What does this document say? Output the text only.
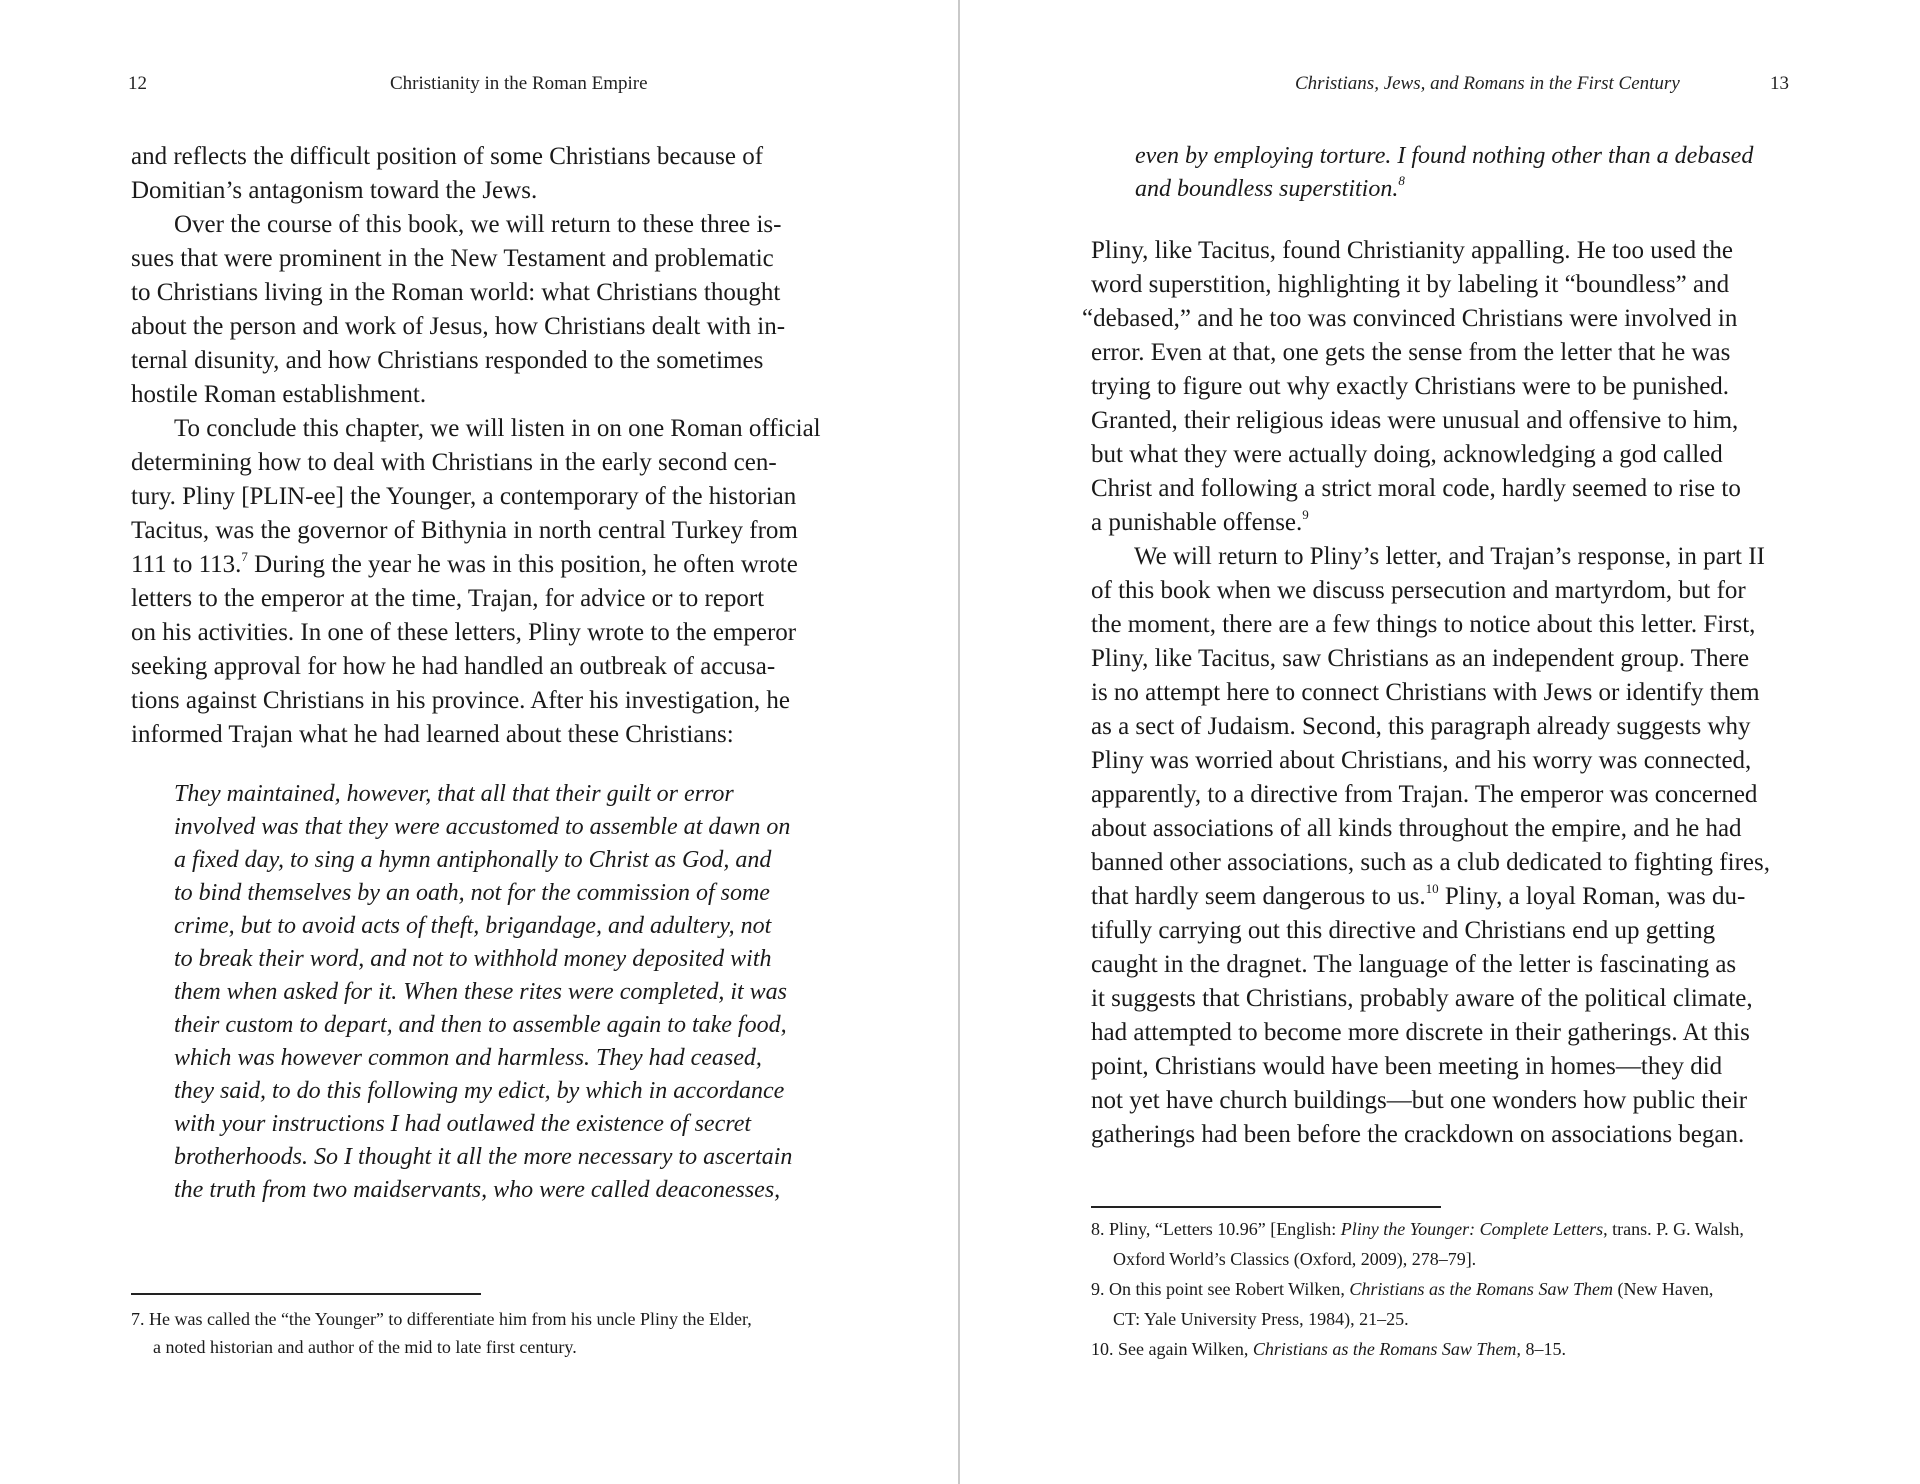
12	Christianity in the Roman Empire
and reflects the difficult position of some Christians because of
Domitian’s antagonism toward the Jews.
Over the course of this book, we will return to these three is-
sues that were prominent in the New Testament and problematic
to Christians living in the Roman world: what Christians thought
about the person and work of Jesus, how Christians dealt with in-
ternal disunity, and how Christians responded to the sometimes
hostile Roman establishment.
To conclude this chapter, we will listen in on one Roman official
determining how to deal with Christians in the early second cen-
tury. Pliny [PLIN-ee] the Younger, a contemporary of the historian
Tacitus, was the governor of Bithynia in north central Turkey from
111 to 113.$^7$ During the year he was in this position, he often wrote
letters to the emperor at the time, Trajan, for advice or to report
on his activities. In one of these letters, Pliny wrote to the emperor
seeking approval for how he had handled an outbreak of accusa-
tions against Christians in his province. After his investigation, he
informed Trajan what he had learned about these Christians:
They maintained, however, that all that their guilt or error
involved was that they were accustomed to assemble at dawn on
a fixed day, to sing a hymn antiphonally to Christ as God, and
to bind themselves by an oath, not for the commission of some
crime, but to avoid acts of theft, brigandage, and adultery, not
to break their word, and not to withhold money deposited with
them when asked for it. When these rites were completed, it was
their custom to depart, and then to assemble again to take food,
which was however common and harmless. They had ceased,
they said, to do this following my edict, by which in accordance
with your instructions I had outlawed the existence of secret
brotherhoods. So I thought it all the more necessary to ascertain
the truth from two maidservants, who were called deaconesses,
7. He was called the “the Younger” to differentiate him from his uncle Pliny the Elder,
a noted historian and author of the mid to late first century.
Christians, Jews, and Romans in the First Century	13
even by employing torture. I found nothing other than a debased
and boundless superstition.$^8$
Pliny, like Tacitus, found Christianity appalling. He too used the
word superstition, highlighting it by labeling it “boundless” and
“debased,” and he too was convinced Christians were involved in
error. Even at that, one gets the sense from the letter that he was
trying to figure out why exactly Christians were to be punished.
Granted, their religious ideas were unusual and offensive to him,
but what they were actually doing, acknowledging a god called
Christ and following a strict moral code, hardly seemed to rise to
a punishable offense.$^9$
We will return to Pliny’s letter, and Trajan’s response, in part II
of this book when we discuss persecution and martyrdom, but for
the moment, there are a few things to notice about this letter. First,
Pliny, like Tacitus, saw Christians as an independent group. There
is no attempt here to connect Christians with Jews or identify them
as a sect of Judaism. Second, this paragraph already suggests why
Pliny was worried about Christians, and his worry was connected,
apparently, to a directive from Trajan. The emperor was concerned
about associations of all kinds throughout the empire, and he had
banned other associations, such as a club dedicated to fighting fires,
that hardly seem dangerous to us.$^{10}$ Pliny, a loyal Roman, was du-
tifully carrying out this directive and Christians end up getting
caught in the dragnet. The language of the letter is fascinating as
it suggests that Christians, probably aware of the political climate,
had attempted to become more discrete in their gatherings. At this
point, Christians would have been meeting in homes—they did
not yet have church buildings—but one wonders how public their
gatherings had been before the crackdown on associations began.
8. Pliny, “Letters 10.96” [English: Pliny the Younger: Complete Letters, trans. P. G. Walsh,
Oxford World’s Classics (Oxford, 2009), 278–79].
9. On this point see Robert Wilken, Christians as the Romans Saw Them (New Haven,
CT: Yale University Press, 1984), 21–25.
10. See again Wilken, Christians as the Romans Saw Them, 8–15.
